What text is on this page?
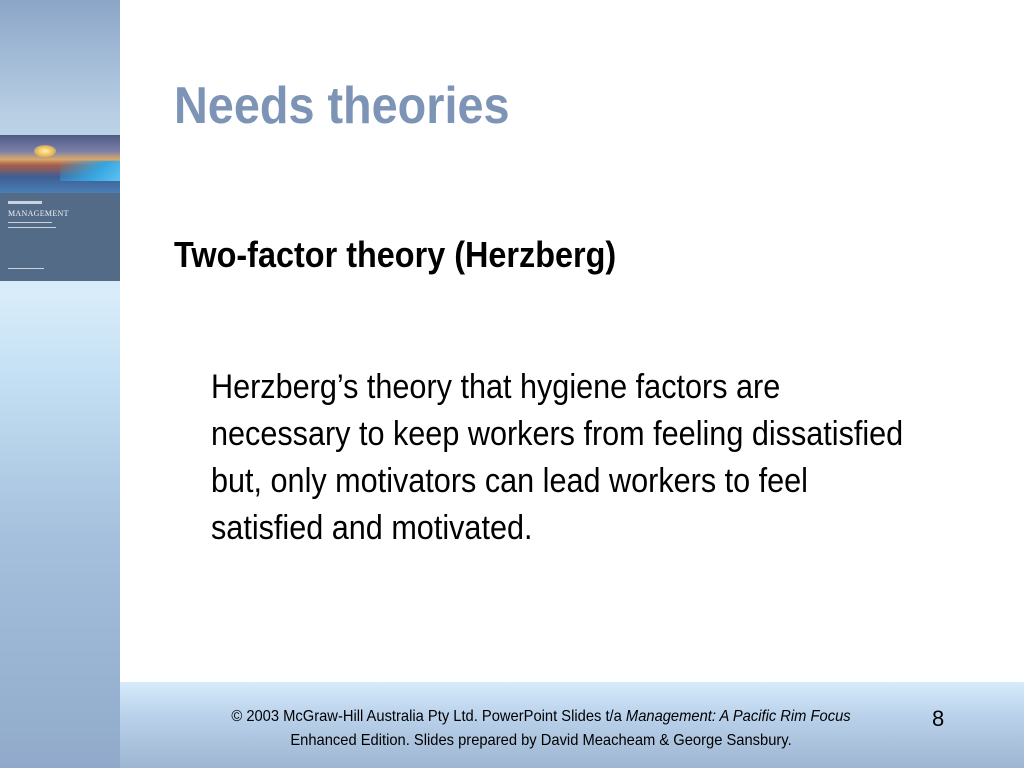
MANAGEMENT
Needs theories
Two-factor theory (Herzberg)
Herzberg’s theory that hygiene factors are
necessary to keep workers from feeling dissatisfied
but, only motivators can lead workers to feel
satisfied and motivated.
© 2003 McGraw-Hill Australia Pty Ltd. PowerPoint Slides t/a Management: A Pacific Rim Focus
Enhanced Edition. Slides prepared by David Meacheam & George Sansbury.
8
